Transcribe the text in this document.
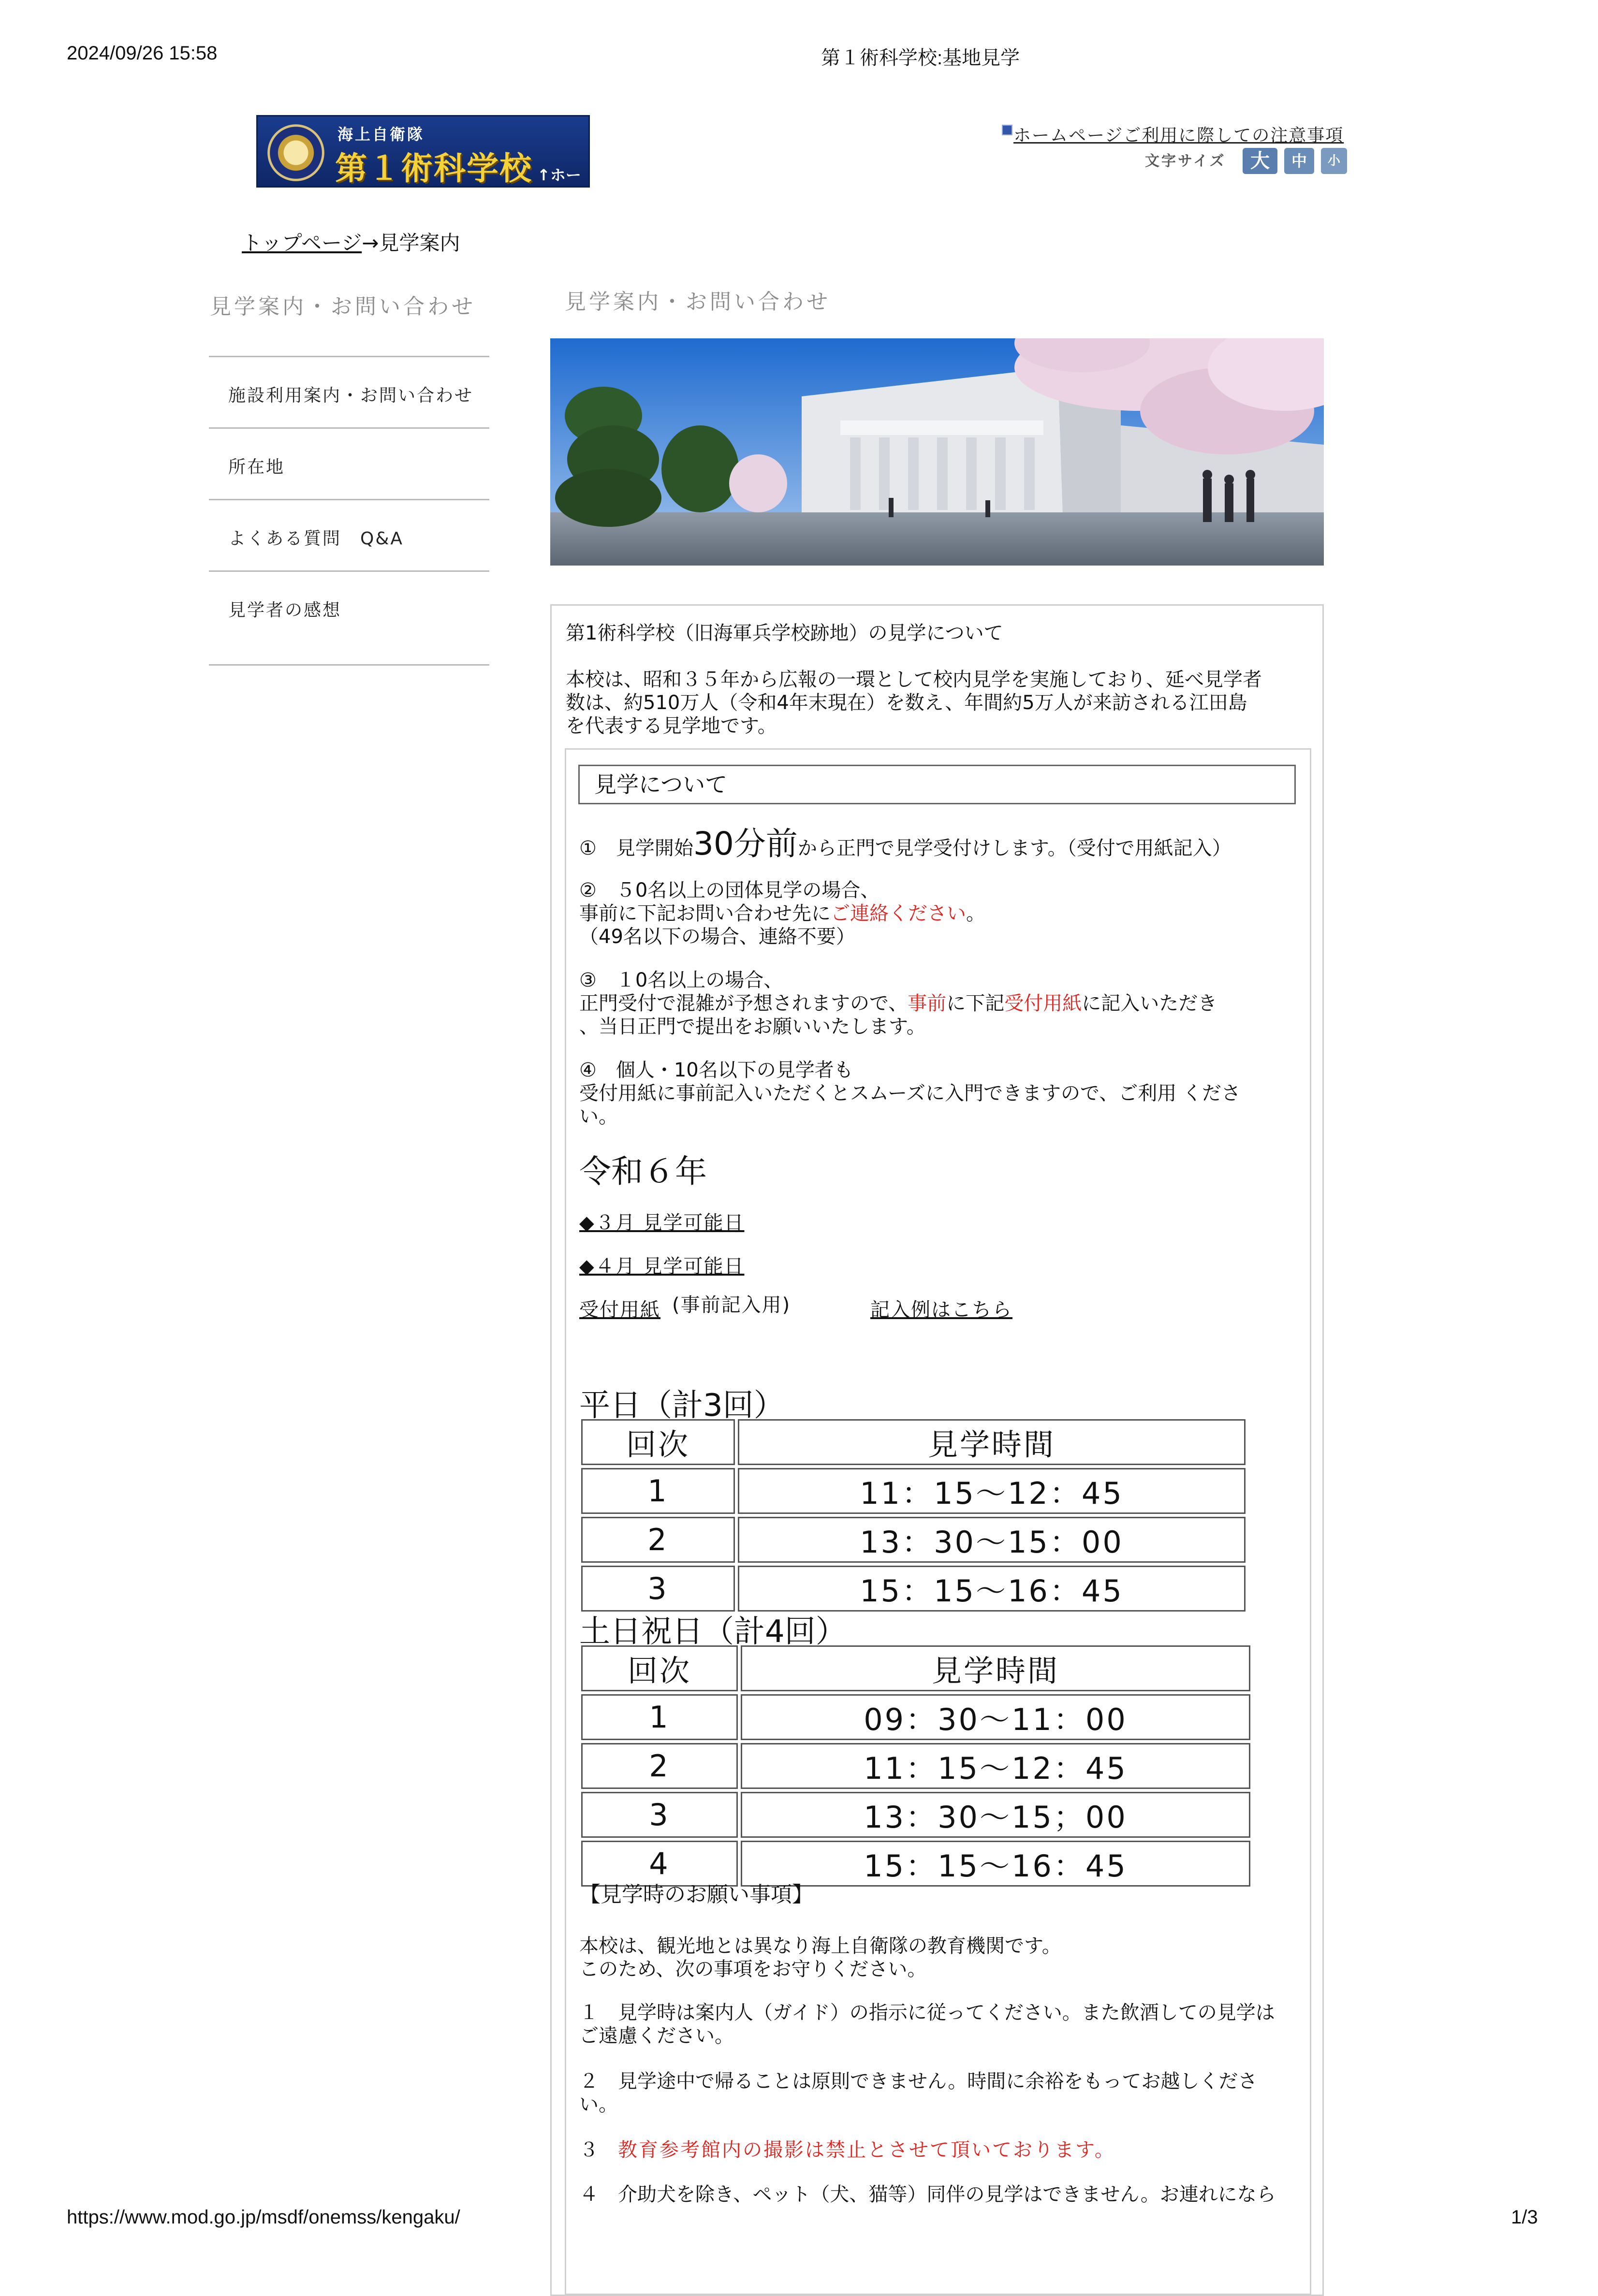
2024/09/26 15:58	第１術科学校:基地見学
https://www.mod.go.jp/msdf/onemss/kengaku/	1/3
海上自衛隊
第１術科学校 ↑ホーム
ホームページご利用に際しての注意事項
文字サイズ	大	中	小
トップページ→見学案内
見学案内・お問い合わせ
施設利用案内・お問い合わせ
所在地
よくある質問　Q&A
見学者の感想
見学案内・お問い合わせ
第1術科学校（旧海軍兵学校跡地）の見学について
本校は、昭和３５年から広報の一環として校内見学を実施しており、延べ見学者
数は、約510万人（令和4年末現在）を数え、年間約5万人が来訪される江田島
を代表する見学地です。
見学について
①　見学開始30分前から正門で見学受付けします。（受付で用紙記入）
②　５0名以上の団体見学の場合、
事前に下記お問い合わせ先にご連絡ください。
（49名以下の場合、連絡不要）
③　１0名以上の場合、
正門受付で混雑が予想されますので、事前に下記受付用紙に記入いただき
、当日正門で提出をお願いいたします。
④　個人・10名以下の見学者も
受付用紙に事前記入いただくとスムーズに入門できますので、ご利用 くださ
い。
令和６年
◆３月 見学可能日
◆４月 見学可能日
受付用紙 (事前記入用)	記入例はこちら
平日（計3回）
回次	見学時間
1	11：15〜12：45
2	13：30〜15：00
3	15：15〜16：45
土日祝日（計4回）
回次	見学時間
1	09：30〜11：00
2	11：15〜12：45
3	13：30〜15；00
4	15：15〜16：45
【見学時のお願い事項】
本校は、観光地とは異なり海上自衛隊の教育機関です。
このため、次の事項をお守りください。
１　見学時は案内人（ガイド）の指示に従ってください。また飲酒しての見学は
ご遠慮ください。
２　見学途中で帰ることは原則できません。時間に余裕をもってお越しくださ
い。
３　 教育参考館内の撮影は禁止とさせて頂いております。
４　介助犬を除き、ペット（犬、猫等）同伴の見学はできません。お連れになら
